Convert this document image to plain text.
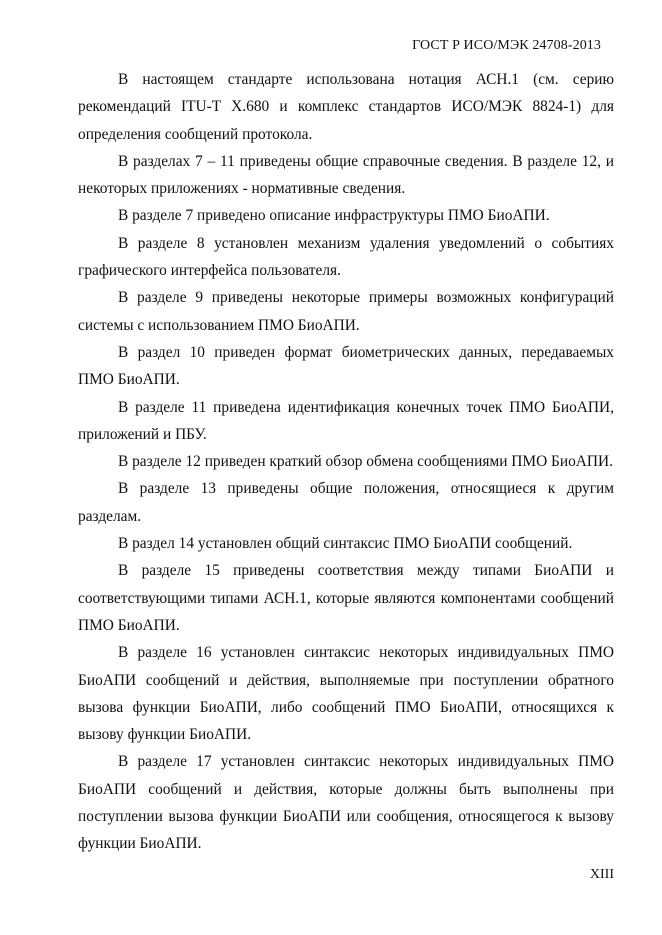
ГОСТ Р ИСО/МЭК 24708-2013

В настоящем стандарте использована нотация АСН.1 (см. серию рекомендаций ITU-T X.680 и комплекс стандартов ИСО/МЭК 8824-1) для определения сообщений протокола.

В разделах 7 – 11 приведены общие справочные сведения. В разделе 12, и некоторых приложениях - нормативные сведения.

В разделе 7 приведено описание инфраструктуры ПМО БиоАПИ.

В разделе 8 установлен механизм удаления уведомлений о событиях графического интерфейса пользователя.

В разделе 9 приведены некоторые примеры возможных конфигураций системы с использованием ПМО БиоАПИ.

В раздел 10 приведен формат биометрических данных, передаваемых ПМО БиоАПИ.

В разделе 11 приведена идентификация конечных точек ПМО БиоАПИ, приложений и ПБУ.

В разделе 12 приведен краткий обзор обмена сообщениями ПМО БиоАПИ.

В разделе 13 приведены общие положения, относящиеся к другим разделам.

В раздел 14 установлен общий синтаксис ПМО БиоАПИ сообщений.

В разделе 15 приведены соответствия между типами БиоАПИ и соответствующими типами АСН.1, которые являются компонентами сообщений ПМО БиоАПИ.

В разделе 16 установлен синтаксис некоторых индивидуальных ПМО БиоАПИ сообщений и действия, выполняемые при поступлении обратного вызова функции БиоАПИ, либо сообщений ПМО БиоАПИ, относящихся к вызову функции БиоАПИ.

В разделе 17 установлен синтаксис некоторых индивидуальных ПМО БиоАПИ сообщений и действия, которые должны быть выполнены при поступлении вызова функции БиоАПИ или сообщения, относящегося к вызову функции БиоАПИ.

XIII
